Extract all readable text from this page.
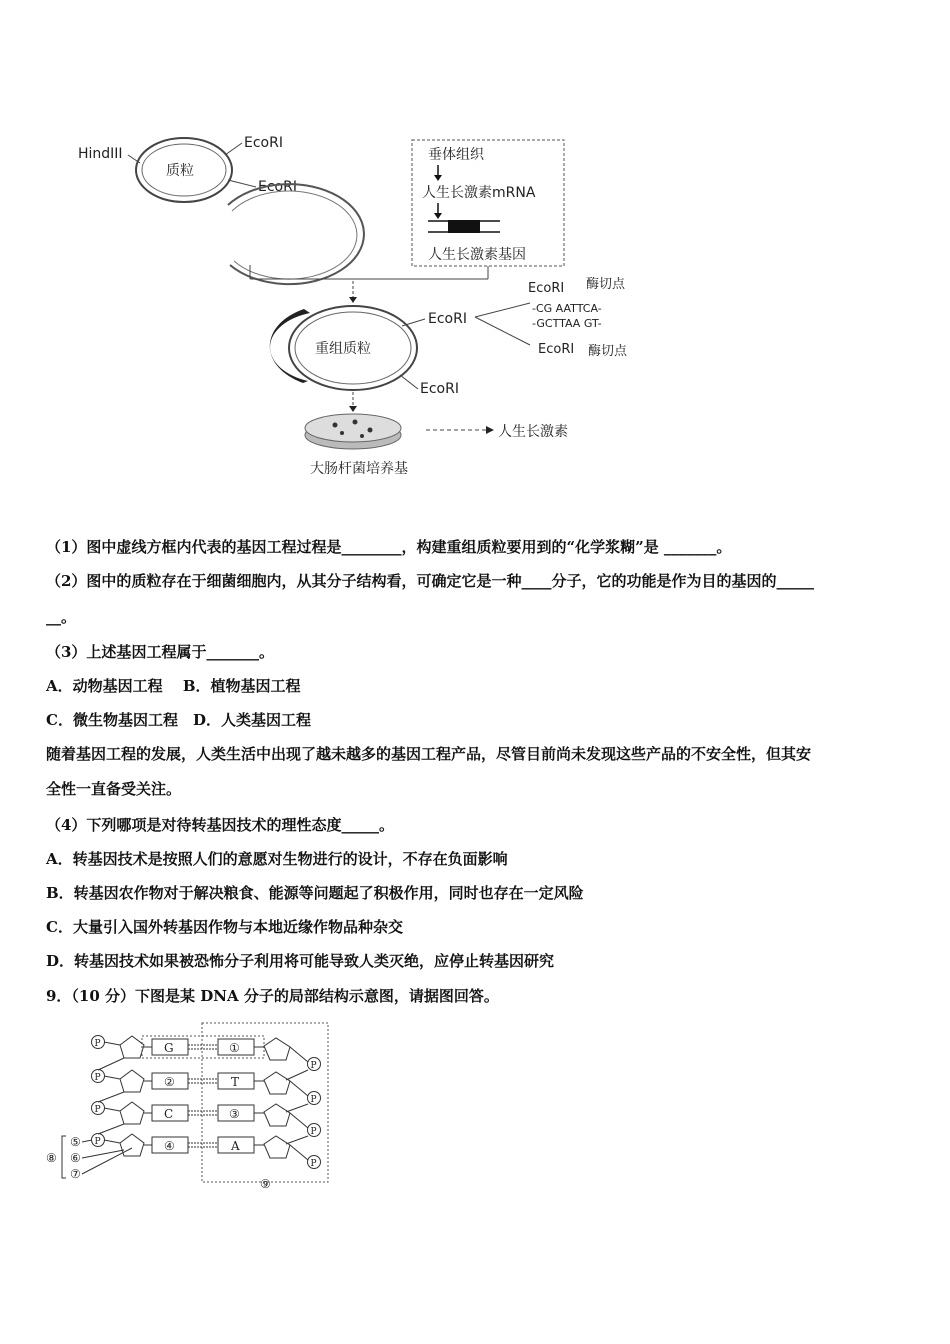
质粒
HindIII
EcoRI
EcoRI
垂体组织
人生长激素mRNA
人生长激素基因
重组质粒
EcoRI
EcoRI
EcoRI 酶切点
-CG AATTCA-
-GCTTAA GT-
EcoRI 酶切点
人生长激素
大肠杆菌培养基
（1）图中虚线方框内代表的基因工程过程是________，构建重组质粒要用到的“化学浆糊”是 _______。
（2）图中的质粒存在于细菌细胞内，从其分子结构看，可确定它是一种____分子，它的功能是作为目的基因的_____
__。
（3）上述基因工程属于_______。
A．动物基因工程　 B．植物基因工程
C．微生物基因工程　D．人类基因工程
随着基因工程的发展，人类生活中出现了越未越多的基因工程产品，尽管目前尚未发现这些产品的不安全性，但其安
全性一直备受关注。
（4）下列哪项是对待转基因技术的理性态度_____。
A．转基因技术是按照人们的意愿对生物进行的设计，不存在负面影响
B．转基因农作物对于解决粮食、能源等问题起了积极作用，同时也存在一定风险
C．大量引入国外转基因作物与本地近缘作物品种杂交
D．转基因技术如果被恐怖分子利用将可能导致人类灭绝，应停止转基因研究
9．（10 分）下图是某 DNA 分子的局部结构示意图，请据图回答。
P
P
P
P
G
②
C
④
①
T
③
A
P
P
P
P
⑤
⑥
⑦
⑧
⑨
